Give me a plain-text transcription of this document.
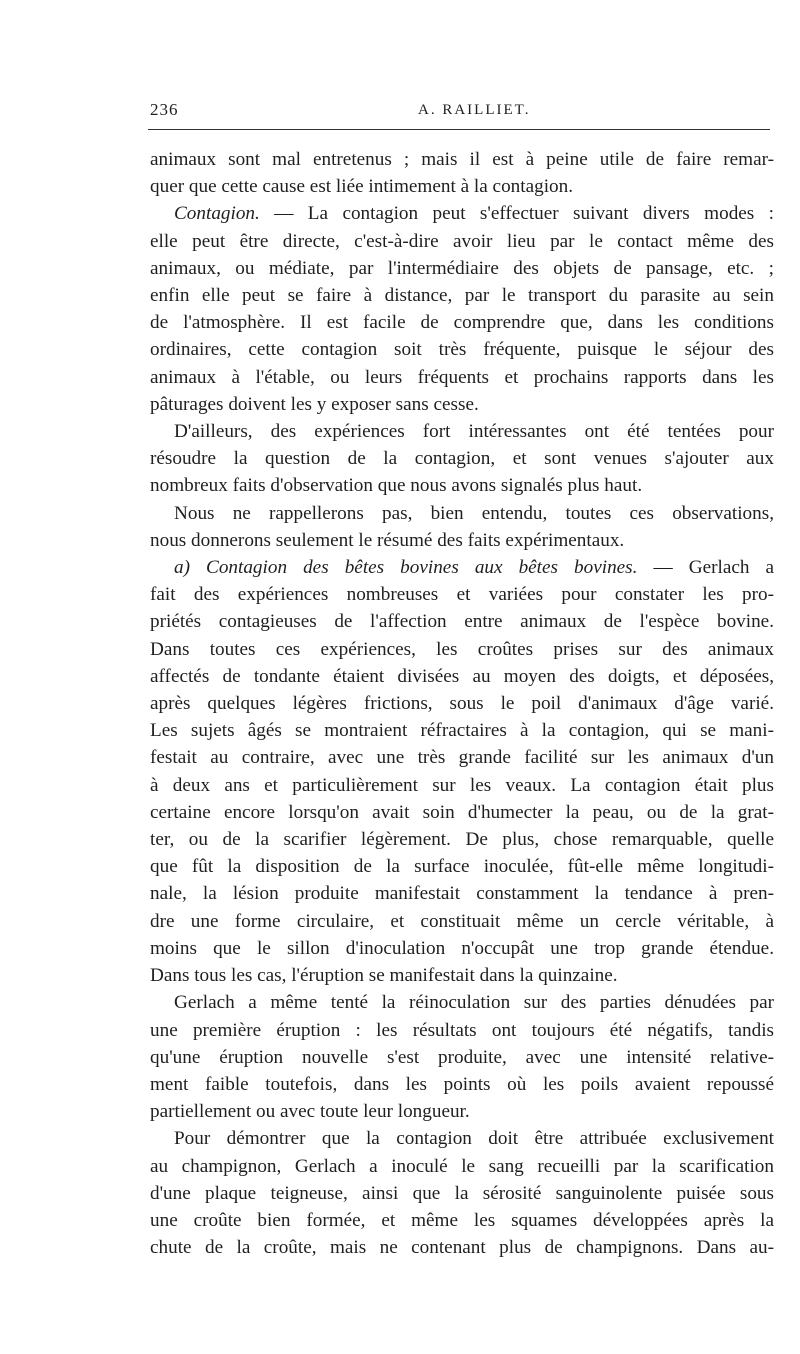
236	A. RAILLIET.
animaux sont mal entretenus ; mais il est à peine utile de faire remar-
quer que cette cause est liée intimement à la contagion.
Contagion. — La contagion peut s'effectuer suivant divers modes :
elle peut être directe, c'est-à-dire avoir lieu par le contact même des
animaux, ou médiate, par l'intermédiaire des objets de pansage, etc. ;
enfin elle peut se faire à distance, par le transport du parasite au sein
de l'atmosphère. Il est facile de comprendre que, dans les conditions
ordinaires, cette contagion soit très fréquente, puisque le séjour des
animaux à l'étable, ou leurs fréquents et prochains rapports dans les
pâturages doivent les y exposer sans cesse.
D'ailleurs, des expériences fort intéressantes ont été tentées pour
résoudre la question de la contagion, et sont venues s'ajouter aux
nombreux faits d'observation que nous avons signalés plus haut.
Nous ne rappellerons pas, bien entendu, toutes ces observations,
nous donnerons seulement le résumé des faits expérimentaux.
a) Contagion des bêtes bovines aux bêtes bovines. — Gerlach a
fait des expériences nombreuses et variées pour constater les pro-
priétés contagieuses de l'affection entre animaux de l'espèce bovine.
Dans toutes ces expériences, les croûtes prises sur des animaux
affectés de tondante étaient divisées au moyen des doigts, et déposées,
après quelques légères frictions, sous le poil d'animaux d'âge varié.
Les sujets âgés se montraient réfractaires à la contagion, qui se mani-
festait au contraire, avec une très grande facilité sur les animaux d'un
à deux ans et particulièrement sur les veaux. La contagion était plus
certaine encore lorsqu'on avait soin d'humecter la peau, ou de la grat-
ter, ou de la scarifier légèrement. De plus, chose remarquable, quelle
que fût la disposition de la surface inoculée, fût-elle même longitudi-
nale, la lésion produite manifestait constamment la tendance à pren-
dre une forme circulaire, et constituait même un cercle véritable, à
moins que le sillon d'inoculation n'occupât une trop grande étendue.
Dans tous les cas, l'éruption se manifestait dans la quinzaine.
Gerlach a même tenté la réinoculation sur des parties dénudées par
une première éruption : les résultats ont toujours été négatifs, tandis
qu'une éruption nouvelle s'est produite, avec une intensité relative-
ment faible toutefois, dans les points où les poils avaient repoussé
partiellement ou avec toute leur longueur.
Pour démontrer que la contagion doit être attribuée exclusivement
au champignon, Gerlach a inoculé le sang recueilli par la scarification
d'une plaque teigneuse, ainsi que la sérosité sanguinolente puisée sous
une croûte bien formée, et même les squames développées après la
chute de la croûte, mais ne contenant plus de champignons. Dans au-
